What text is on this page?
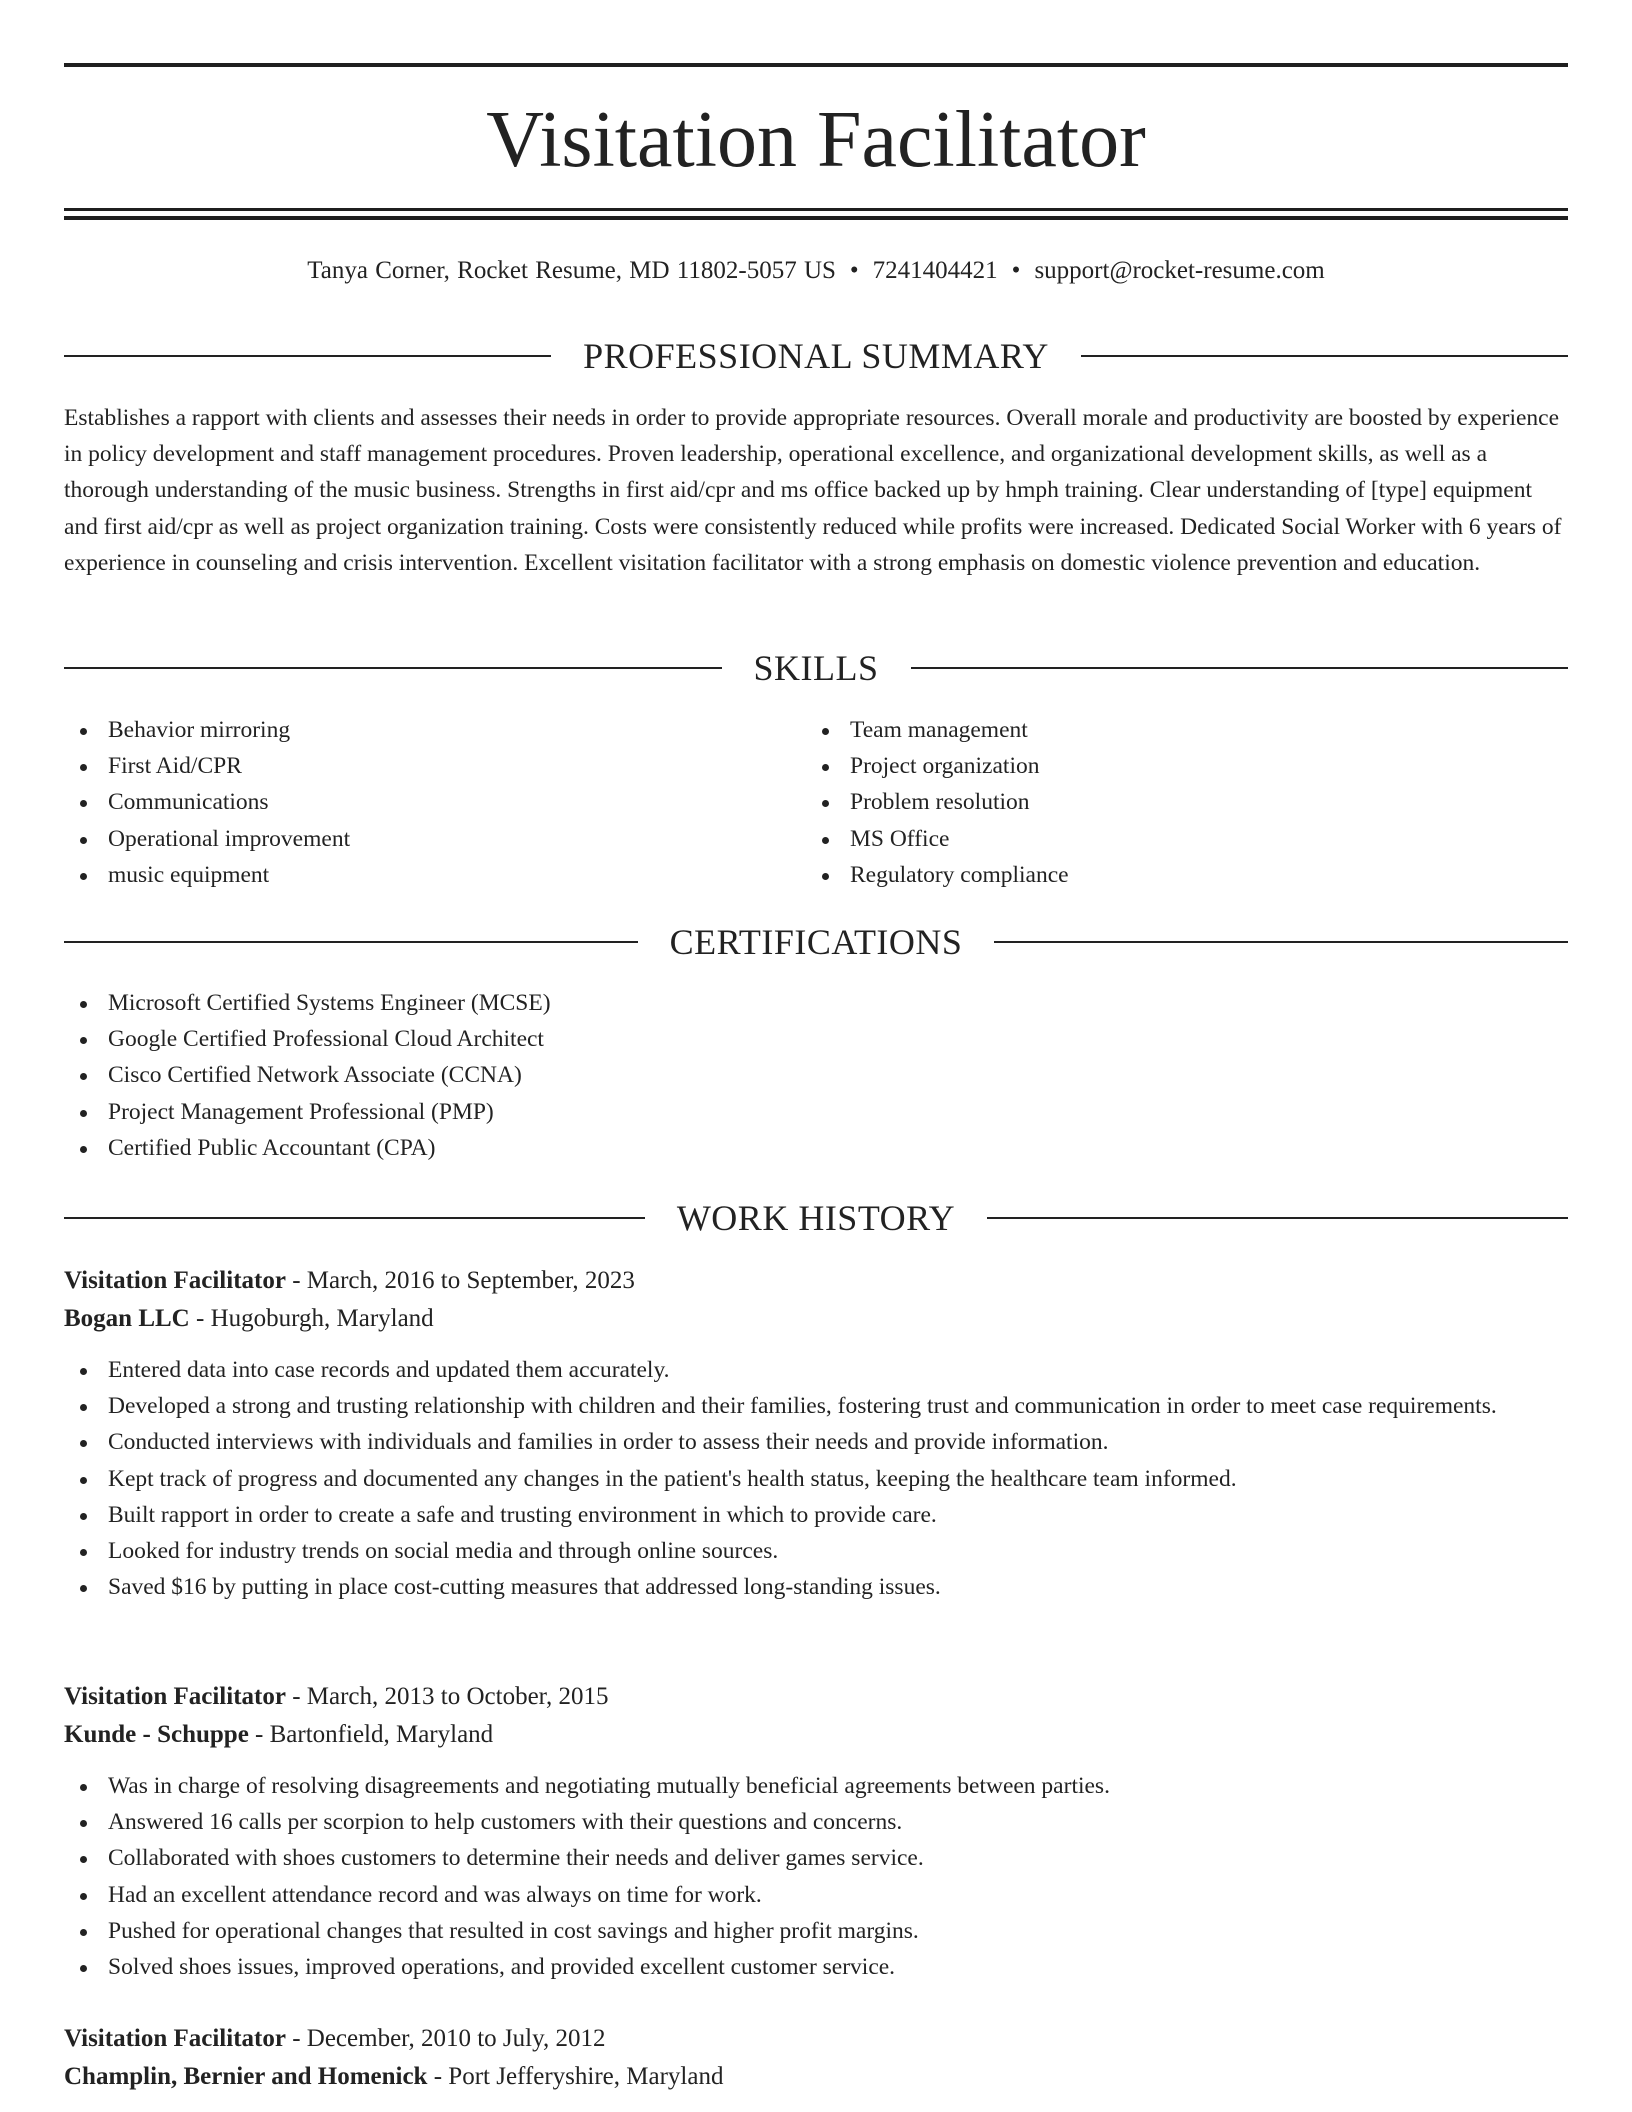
Visitation Facilitator
Tanya Corner, Rocket Resume, MD 11802-5057 US • 7241404421 • support@rocket-resume.com
PROFESSIONAL SUMMARY
Establishes a rapport with clients and assesses their needs in order to provide appropriate resources. Overall morale and productivity are boosted by experience in policy development and staff management procedures. Proven leadership, operational excellence, and organizational development skills, as well as a thorough understanding of the music business. Strengths in first aid/cpr and ms office backed up by hmph training. Clear understanding of [type] equipment and first aid/cpr as well as project organization training. Costs were consistently reduced while profits were increased. Dedicated Social Worker with 6 years of experience in counseling and crisis intervention. Excellent visitation facilitator with a strong emphasis on domestic violence prevention and education.
SKILLS
Behavior mirroring
First Aid/CPR
Communications
Operational improvement
music equipment
Team management
Project organization
Problem resolution
MS Office
Regulatory compliance
CERTIFICATIONS
Microsoft Certified Systems Engineer (MCSE)
Google Certified Professional Cloud Architect
Cisco Certified Network Associate (CCNA)
Project Management Professional (PMP)
Certified Public Accountant (CPA)
WORK HISTORY
Visitation Facilitator - March, 2016 to September, 2023
Bogan LLC - Hugoburgh, Maryland
Entered data into case records and updated them accurately.
Developed a strong and trusting relationship with children and their families, fostering trust and communication in order to meet case requirements.
Conducted interviews with individuals and families in order to assess their needs and provide information.
Kept track of progress and documented any changes in the patient's health status, keeping the healthcare team informed.
Built rapport in order to create a safe and trusting environment in which to provide care.
Looked for industry trends on social media and through online sources.
Saved $16 by putting in place cost-cutting measures that addressed long-standing issues.
Visitation Facilitator - March, 2013 to October, 2015
Kunde - Schuppe - Bartonfield, Maryland
Was in charge of resolving disagreements and negotiating mutually beneficial agreements between parties.
Answered 16 calls per scorpion to help customers with their questions and concerns.
Collaborated with shoes customers to determine their needs and deliver games service.
Had an excellent attendance record and was always on time for work.
Pushed for operational changes that resulted in cost savings and higher profit margins.
Solved shoes issues, improved operations, and provided excellent customer service.
Visitation Facilitator - December, 2010 to July, 2012
Champlin, Bernier and Homenick - Port Jefferyshire, Maryland
